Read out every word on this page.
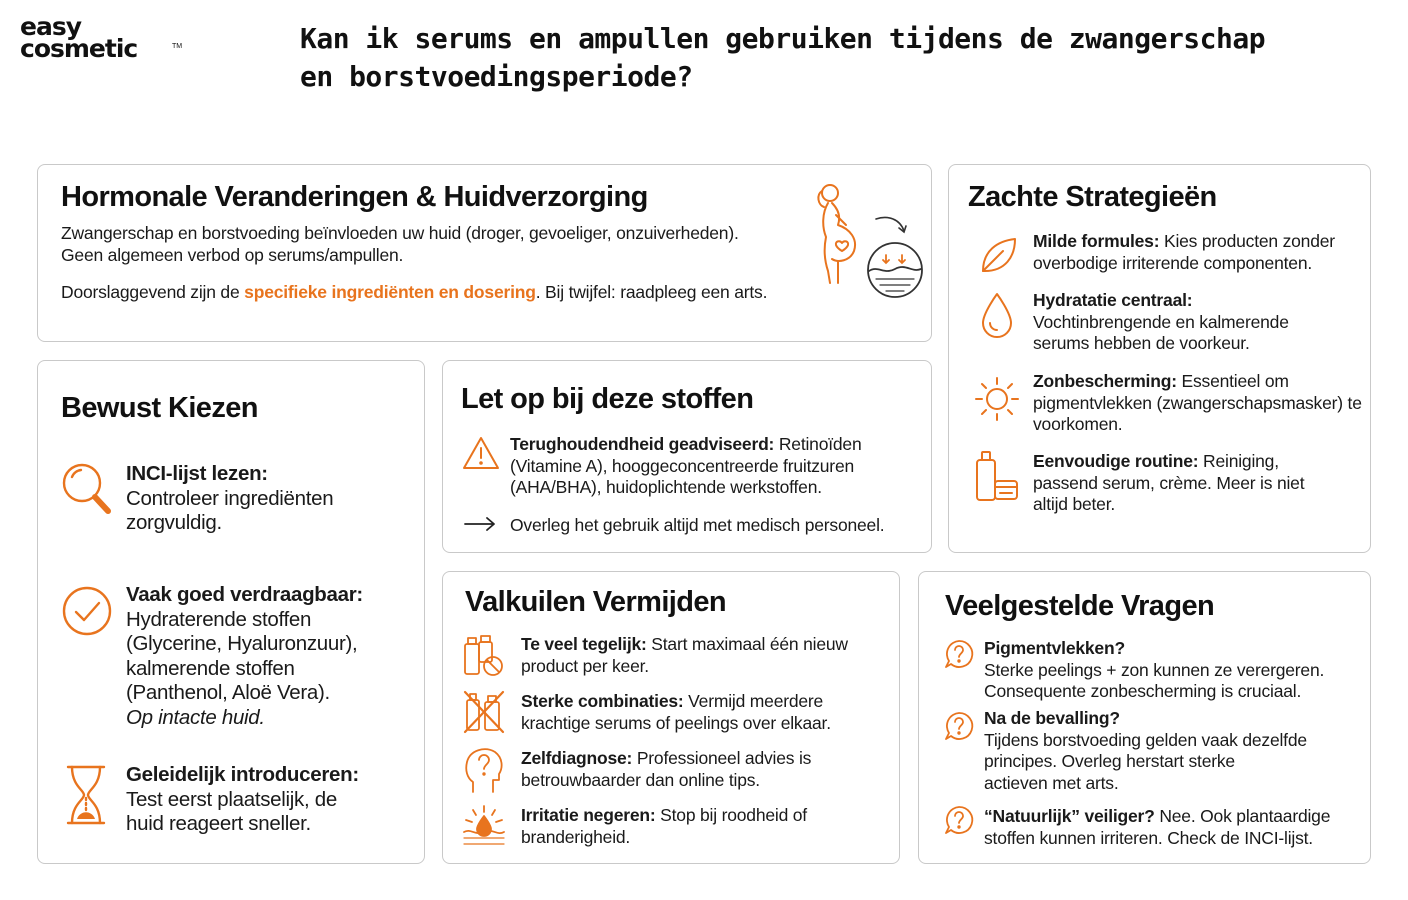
easy
cosmetic	TM	Kan ik serums en ampullen gebruiken tijdens de zwangerschap
en borstvoedingsperiode?
Hormonale Veranderingen & Huidverzorging

Zwangerschap en borstvoeding beïnvloeden uw huid (droger, gevoeliger, onzuiverheden).

Geen algemeen verbod op serums/ampullen.

Doorslaggevend zijn de specifieke ingrediënten en dosering. Bij twijfel: raadpleeg een arts.

Zachte Strategieën

Milde formules: Kies producten zonder overbodige irriterende componenten.

Hydratatie centraal:
Vochtinbrengende en kalmerende serums hebben de voorkeur.

Zonbescherming: Essentieel om pigmentvlekken (zwangerschapsmasker) te voorkomen.

Eenvoudige routine: Reiniging, passend serum, crème. Meer is niet altijd beter.

Bewust Kiezen
INCI-lijst lezen:
Controleer ingrediënten
zorgvuldig.
Vaak goed verdraagbaar:
Hydraterende stoffen
(Glycerine, Hyaluronzuur),
kalmerende stoffen
(Panthenol, Aloë Vera).
Op intacte huid.
Geleidelijk introduceren:
Test eerst plaatselijk, de
huid reageert sneller.
Let op bij deze stoffen

Terughoudendheid geadviseerd: Retinoïden (Vitamine A), hooggeconcentreerde fruitzuren (AHA/BHA), huidoplichtende werkstoffen.

Overleg het gebruik altijd met medisch personeel.

Valkuilen Vermijden

Te veel tegelijk: Start maximaal één nieuw product per keer.

Sterke combinaties: Vermijd meerdere krachtige serums of peelings over elkaar.

Zelfdiagnose: Professioneel advies is betrouwbaarder dan online tips.

Irritatie negeren: Stop bij roodheid of branderigheid.

Veelgestelde Vragen
Pigmentvlekken?
Sterke peelings + zon kunnen ze verergeren.
Consequente zonbescherming is cruciaal.
Na de bevalling?
Tijdens borstvoeding gelden vaak dezelfde
principes. Overleg herstart sterke
actieven met arts.
“Natuurlijk” veiliger? Nee. Ook plantaardige
stoffen kunnen irriteren. Check de INCI-lijst.
